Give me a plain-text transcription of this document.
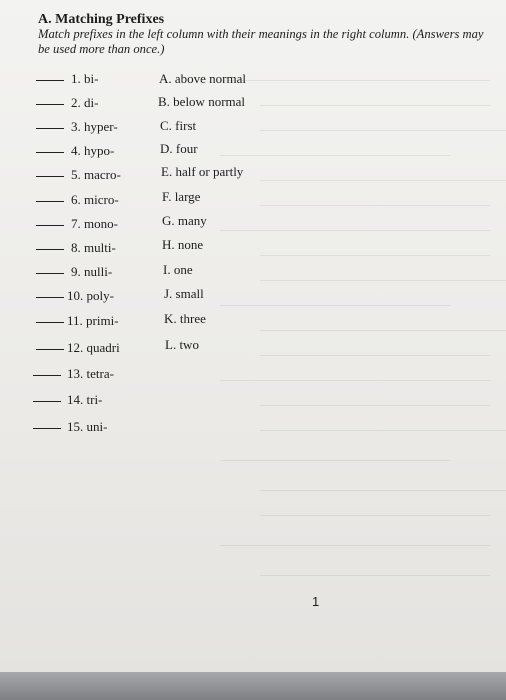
A. Matching Prefixes
Match prefixes in the left column with their meanings in the right column. (Answers may
be used more than once.)
1. bi-
2. di-
3. hyper-
4. hypo-
5. macro-
6. micro-
7. mono-
8. multi-
9. nulli-
10. poly-
11. primi-
12. quadri
13. tetra-
14. tri-
15. uni-
A. above normal
B. below normal
C. first
D. four
E. half or partly
F. large
G. many
H. none
I. one
J. small
K. three
L. two
1
